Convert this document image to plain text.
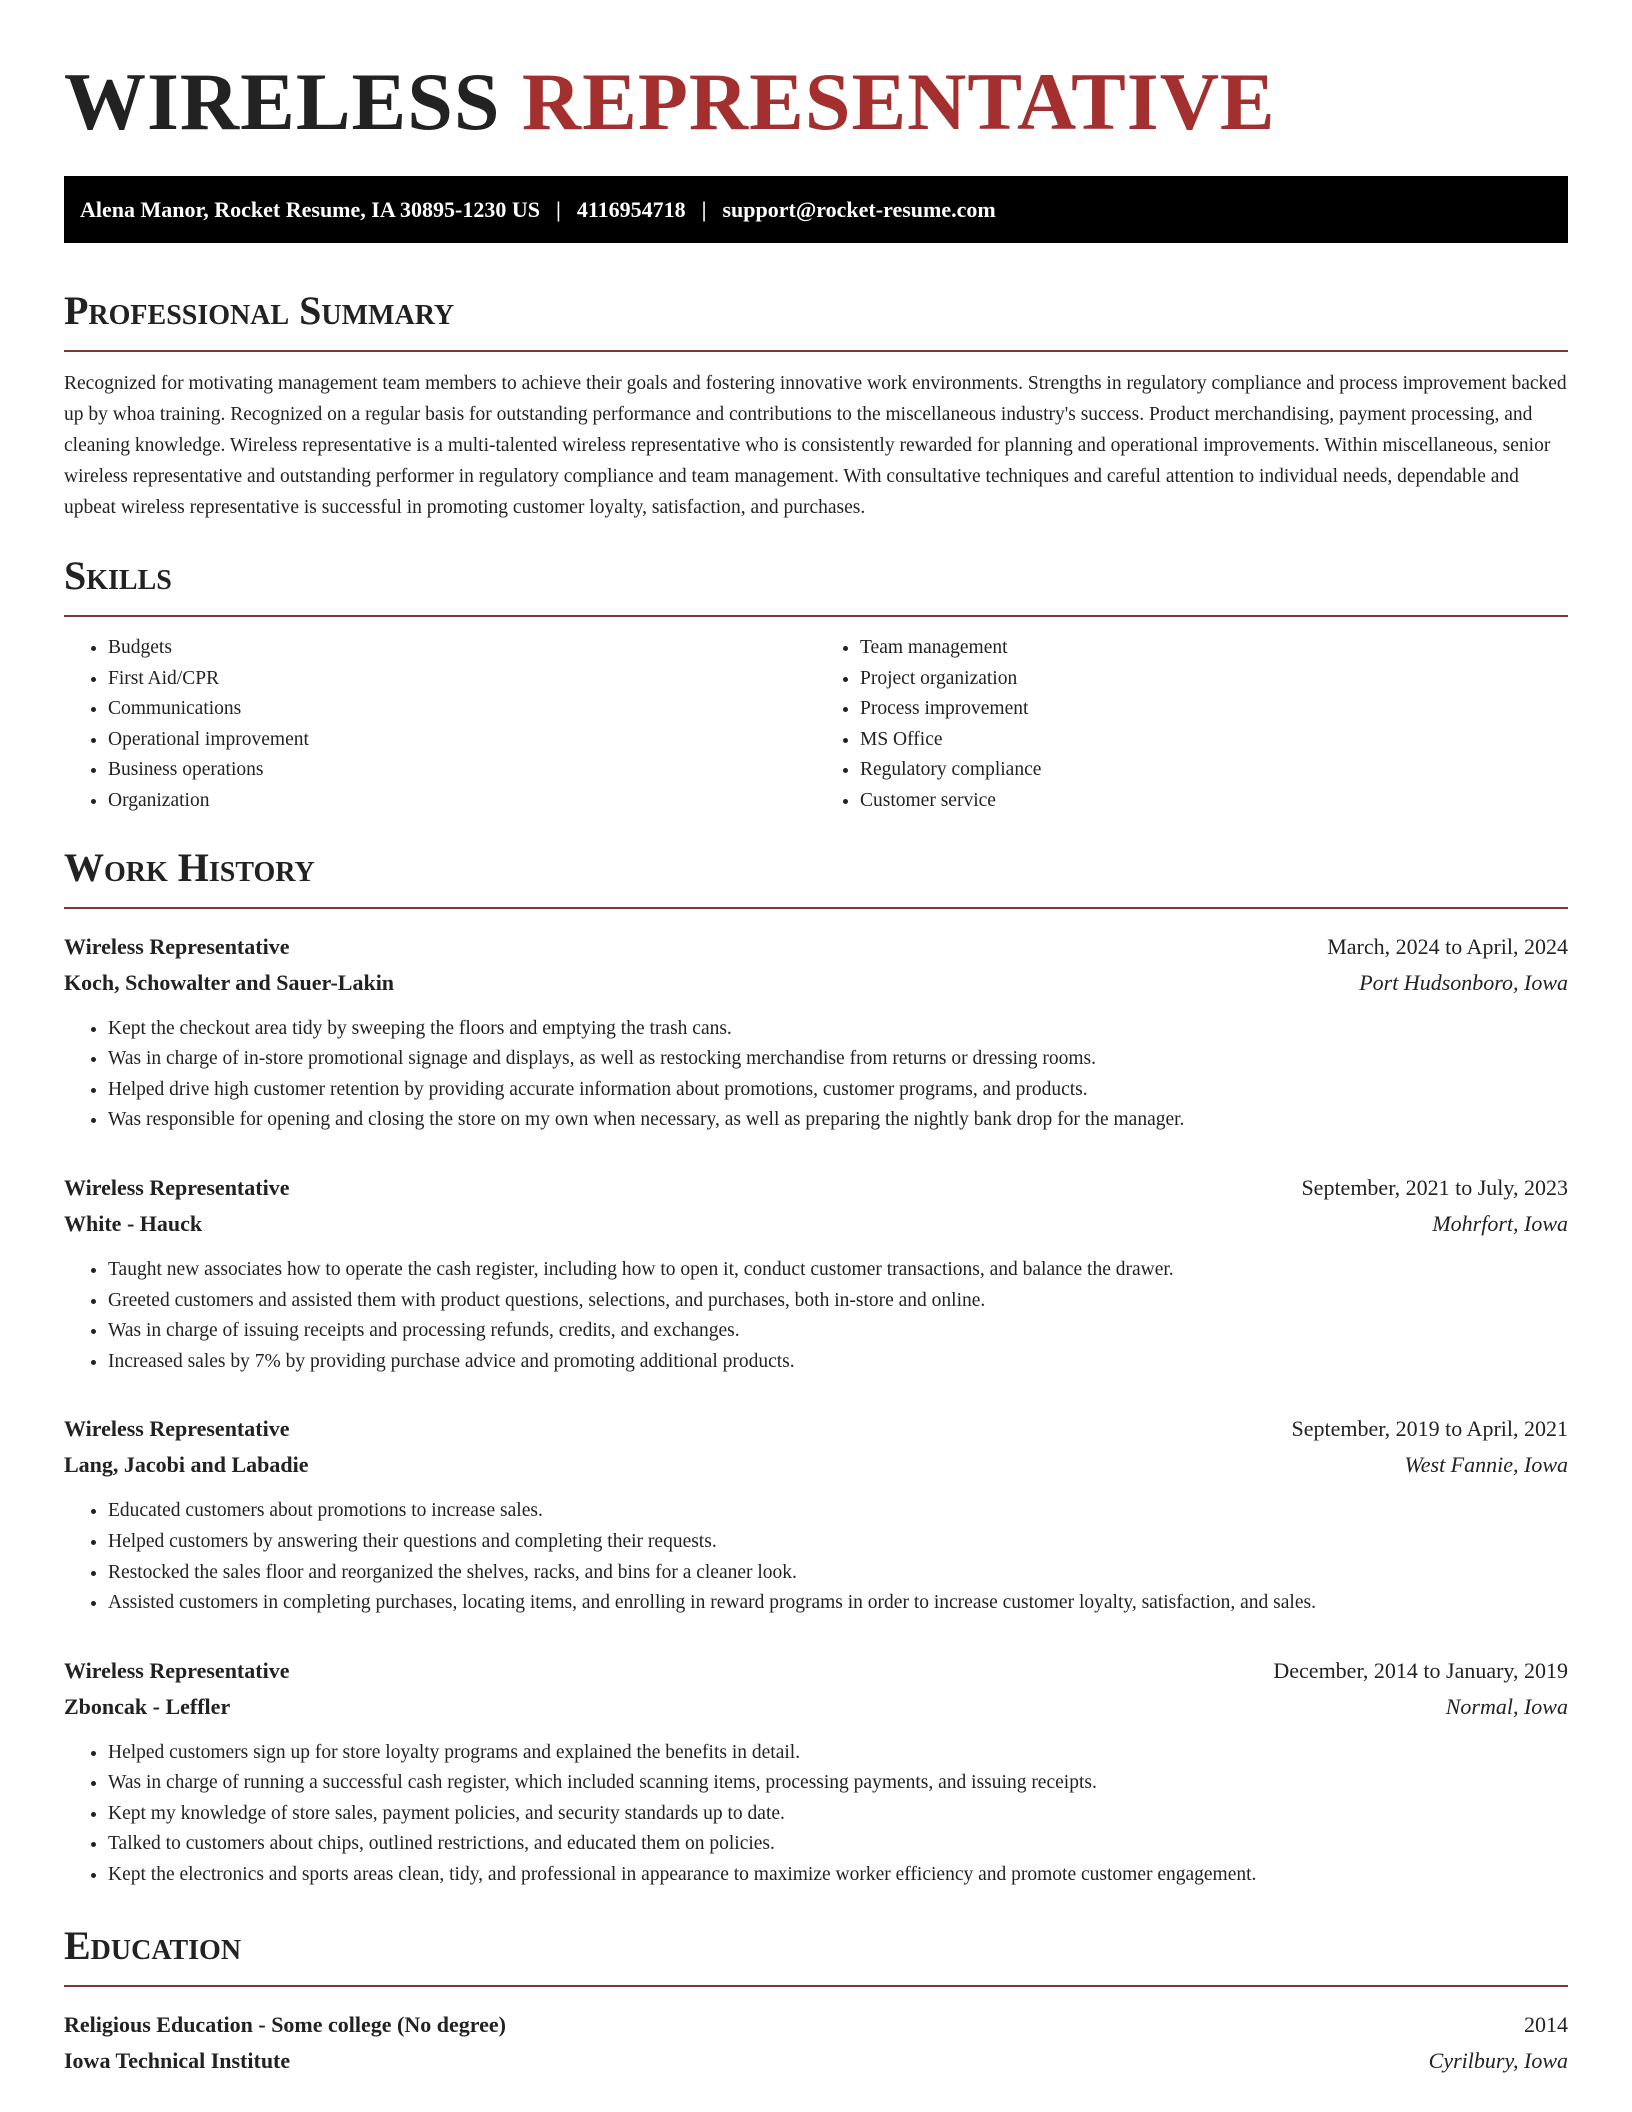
WIRELESS REPRESENTATIVE
Alena Manor, Rocket Resume, IA 30895-1230 US | 4116954718 | support@rocket-resume.com
Professional Summary

Recognized for motivating management team members to achieve their goals and fostering innovative work environments. Strengths in regulatory compliance and process improvement backed up by whoa training. Recognized on a regular basis for outstanding performance and contributions to the miscellaneous industry's success. Product merchandising, payment processing, and cleaning knowledge. Wireless representative is a multi-talented wireless representative who is consistently rewarded for planning and operational improvements. Within miscellaneous, senior wireless representative and outstanding performer in regulatory compliance and team management. With consultative techniques and careful attention to individual needs, dependable and upbeat wireless representative is successful in promoting customer loyalty, satisfaction, and purchases.

Skills
• Budgets
• First Aid/CPR
• Communications
• Operational improvement
• Business operations
• Organization
• Team management
• Project organization
• Process improvement
• MS Office
• Regulatory compliance
• Customer service
Work History
Wireless Representative	March, 2024 to April, 2024
Koch, Schowalter and Sauer-Lakin	Port Hudsonboro, Iowa
• Kept the checkout area tidy by sweeping the floors and emptying the trash cans.
• Was in charge of in-store promotional signage and displays, as well as restocking merchandise from returns or dressing rooms.
• Helped drive high customer retention by providing accurate information about promotions, customer programs, and products.
• Was responsible for opening and closing the store on my own when necessary, as well as preparing the nightly bank drop for the manager.
Wireless Representative	September, 2021 to July, 2023
White - Hauck	Mohrfort, Iowa
• Taught new associates how to operate the cash register, including how to open it, conduct customer transactions, and balance the drawer.
• Greeted customers and assisted them with product questions, selections, and purchases, both in-store and online.
• Was in charge of issuing receipts and processing refunds, credits, and exchanges.
• Increased sales by 7% by providing purchase advice and promoting additional products.
Wireless Representative	September, 2019 to April, 2021
Lang, Jacobi and Labadie	West Fannie, Iowa
• Educated customers about promotions to increase sales.
• Helped customers by answering their questions and completing their requests.
• Restocked the sales floor and reorganized the shelves, racks, and bins for a cleaner look.
• Assisted customers in completing purchases, locating items, and enrolling in reward programs in order to increase customer loyalty, satisfaction, and sales.
Wireless Representative	December, 2014 to January, 2019
Zboncak - Leffler	Normal, Iowa
• Helped customers sign up for store loyalty programs and explained the benefits in detail.
• Was in charge of running a successful cash register, which included scanning items, processing payments, and issuing receipts.
• Kept my knowledge of store sales, payment policies, and security standards up to date.
• Talked to customers about chips, outlined restrictions, and educated them on policies.
• Kept the electronics and sports areas clean, tidy, and professional in appearance to maximize worker efficiency and promote customer engagement.
Education
Religious Education - Some college (No degree)	2014
Iowa Technical Institute	Cyrilbury, Iowa
